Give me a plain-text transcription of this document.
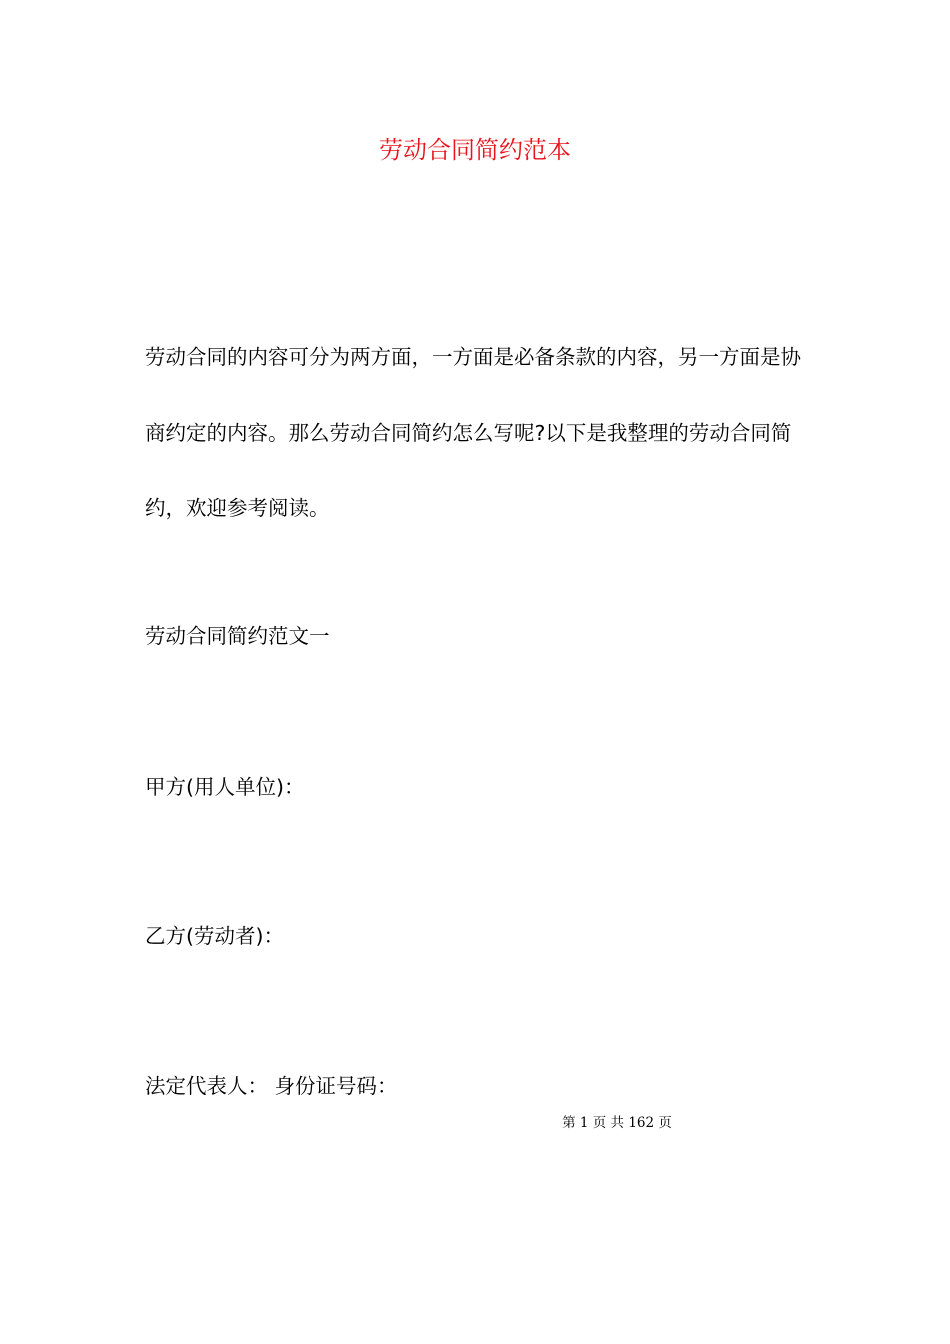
劳动合同简约范本

劳动合同的内容可分为两方面，一方面是必备条款的内容，另一方面是协商约定的内容。那么劳动合同简约怎么写呢?以下是我整理的劳动合同简约，欢迎参考阅读。

劳动合同简约范文一
甲方(用人单位)：
乙方(劳动者)：
法定代表人： 身份证号码：
第 1 页 共 162 页
